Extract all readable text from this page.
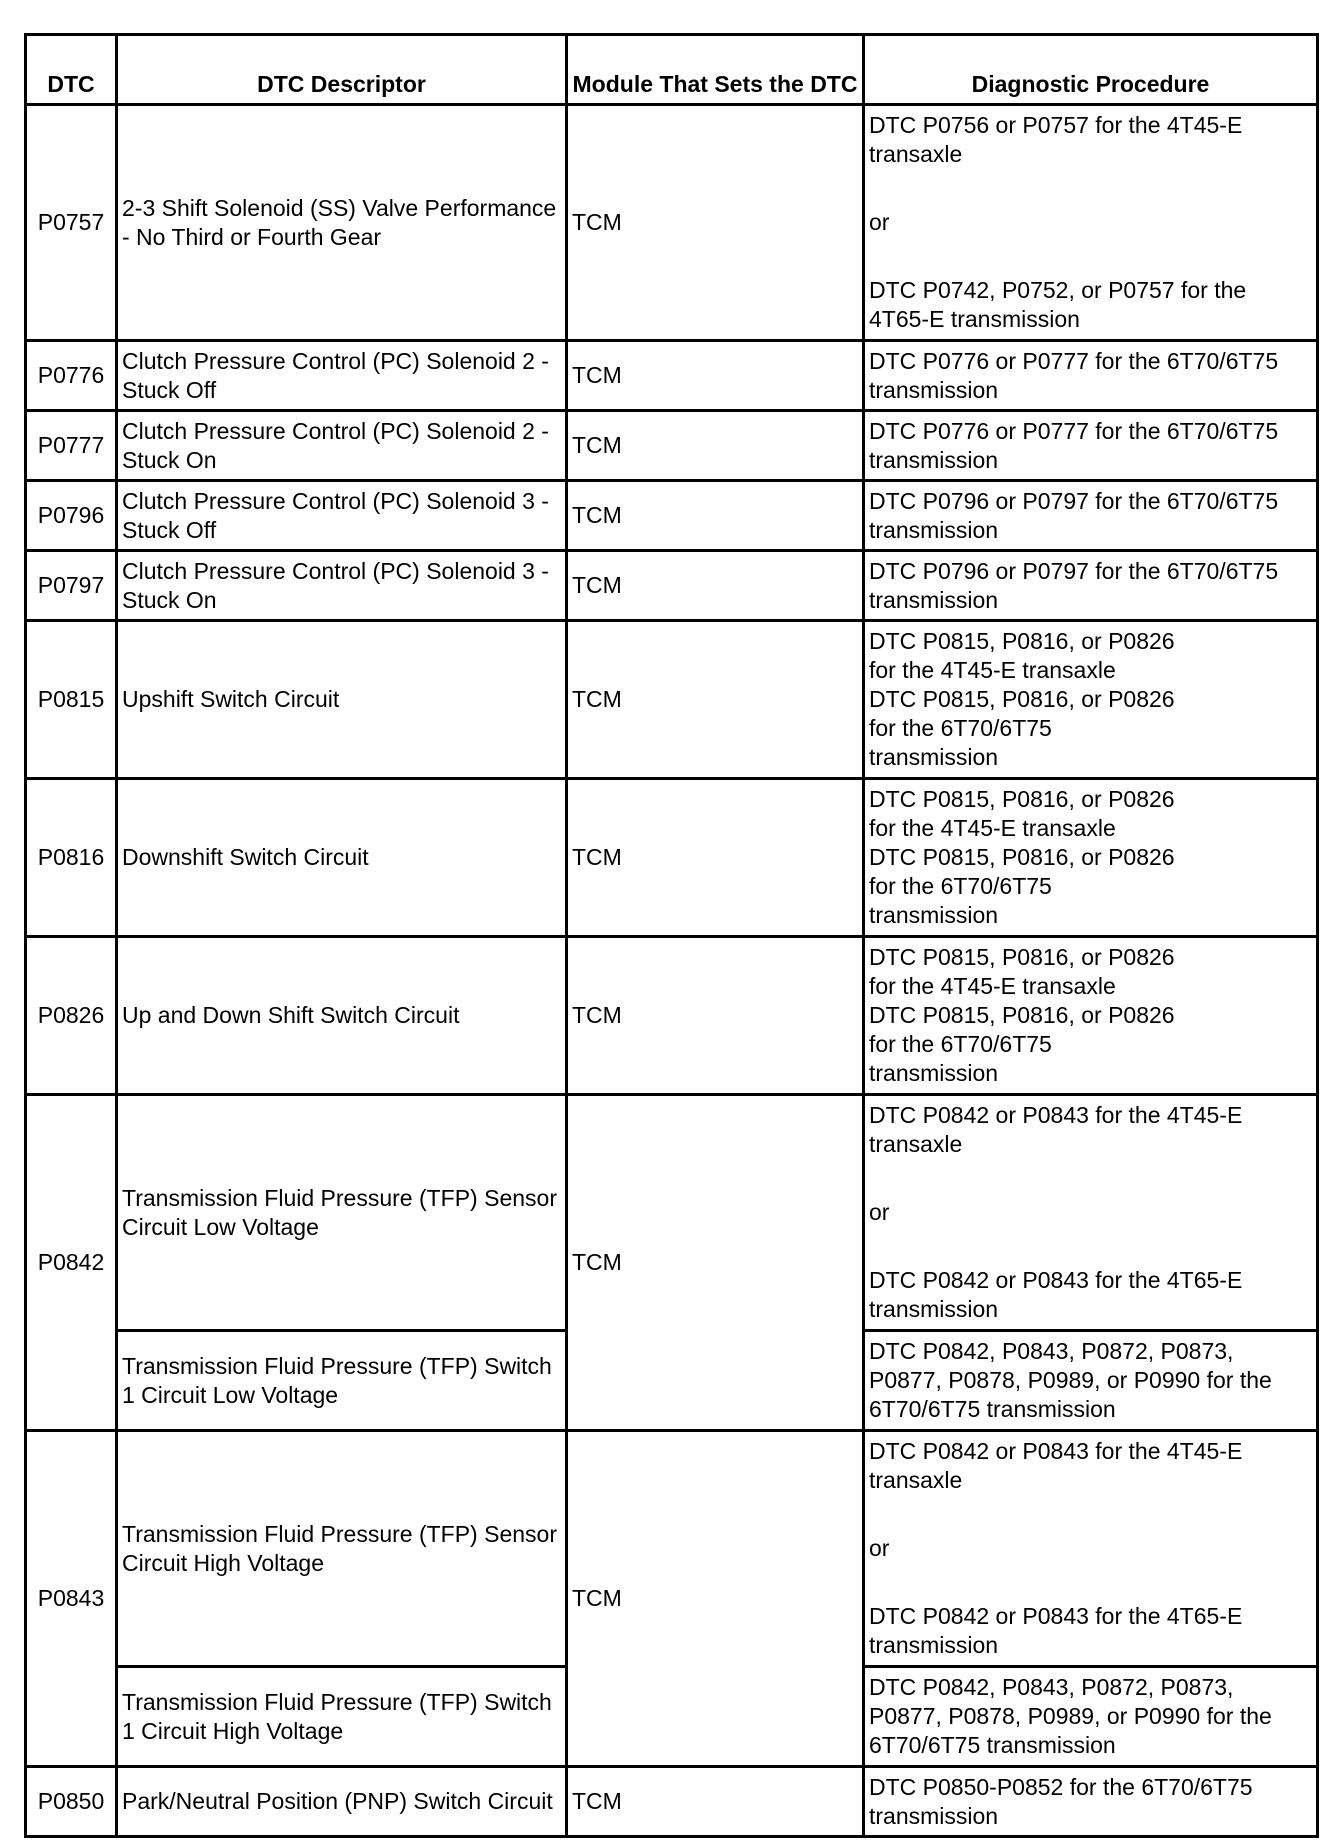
DTC	DTC Descriptor	Module That Sets the DTC	Diagnostic Procedure
P0757	2-3 Shift Solenoid (SS) Valve Performance - No Third or Fourth Gear	TCM	DTC P0756 or P0757 for the 4T45-E transaxle
or
DTC P0742, P0752, or P0757 for the 4T65-E transmission

P0776	Clutch Pressure Control (PC) Solenoid 2 - Stuck Off	TCM	DTC P0776 or P0777 for the 6T70/6T75 transmission
P0777	Clutch Pressure Control (PC) Solenoid 2 - Stuck On	TCM	DTC P0776 or P0777 for the 6T70/6T75 transmission
P0796	Clutch Pressure Control (PC) Solenoid 3 - Stuck Off	TCM	DTC P0796 or P0797 for the 6T70/6T75 transmission
P0797	Clutch Pressure Control (PC) Solenoid 3 - Stuck On	TCM	DTC P0796 or P0797 for the 6T70/6T75 transmission
P0815	Upshift Switch Circuit	TCM	DTC P0815, P0816, or P0826
for the 4T45-E transaxle
DTC P0815, P0816, or P0826
for the 6T70/6T75
transmission

P0816	Downshift Switch Circuit	TCM	DTC P0815, P0816, or P0826
for the 4T45-E transaxle
DTC P0815, P0816, or P0826
for the 6T70/6T75
transmission

P0826	Up and Down Shift Switch Circuit	TCM	DTC P0815, P0816, or P0826
for the 4T45-E transaxle
DTC P0815, P0816, or P0826
for the 6T70/6T75
transmission

P0842	Transmission Fluid Pressure (TFP) Sensor Circuit Low Voltage	TCM	DTC P0842 or P0843 for the 4T45-E transaxle
or
DTC P0842 or P0843 for the 4T65-E transmission

	Transmission Fluid Pressure (TFP) Switch 1 Circuit Low Voltage		DTC P0842, P0843, P0872, P0873, P0877, P0878, P0989, or P0990 for the 6T70/6T75 transmission
P0843	Transmission Fluid Pressure (TFP) Sensor Circuit High Voltage	TCM	DTC P0842 or P0843 for the 4T45-E transaxle
or
DTC P0842 or P0843 for the 4T65-E transmission

	Transmission Fluid Pressure (TFP) Switch 1 Circuit High Voltage		DTC P0842, P0843, P0872, P0873, P0877, P0878, P0989, or P0990 for the 6T70/6T75 transmission
P0850	Park/Neutral Position (PNP) Switch Circuit	TCM	DTC P0850-P0852 for the 6T70/6T75 transmission
